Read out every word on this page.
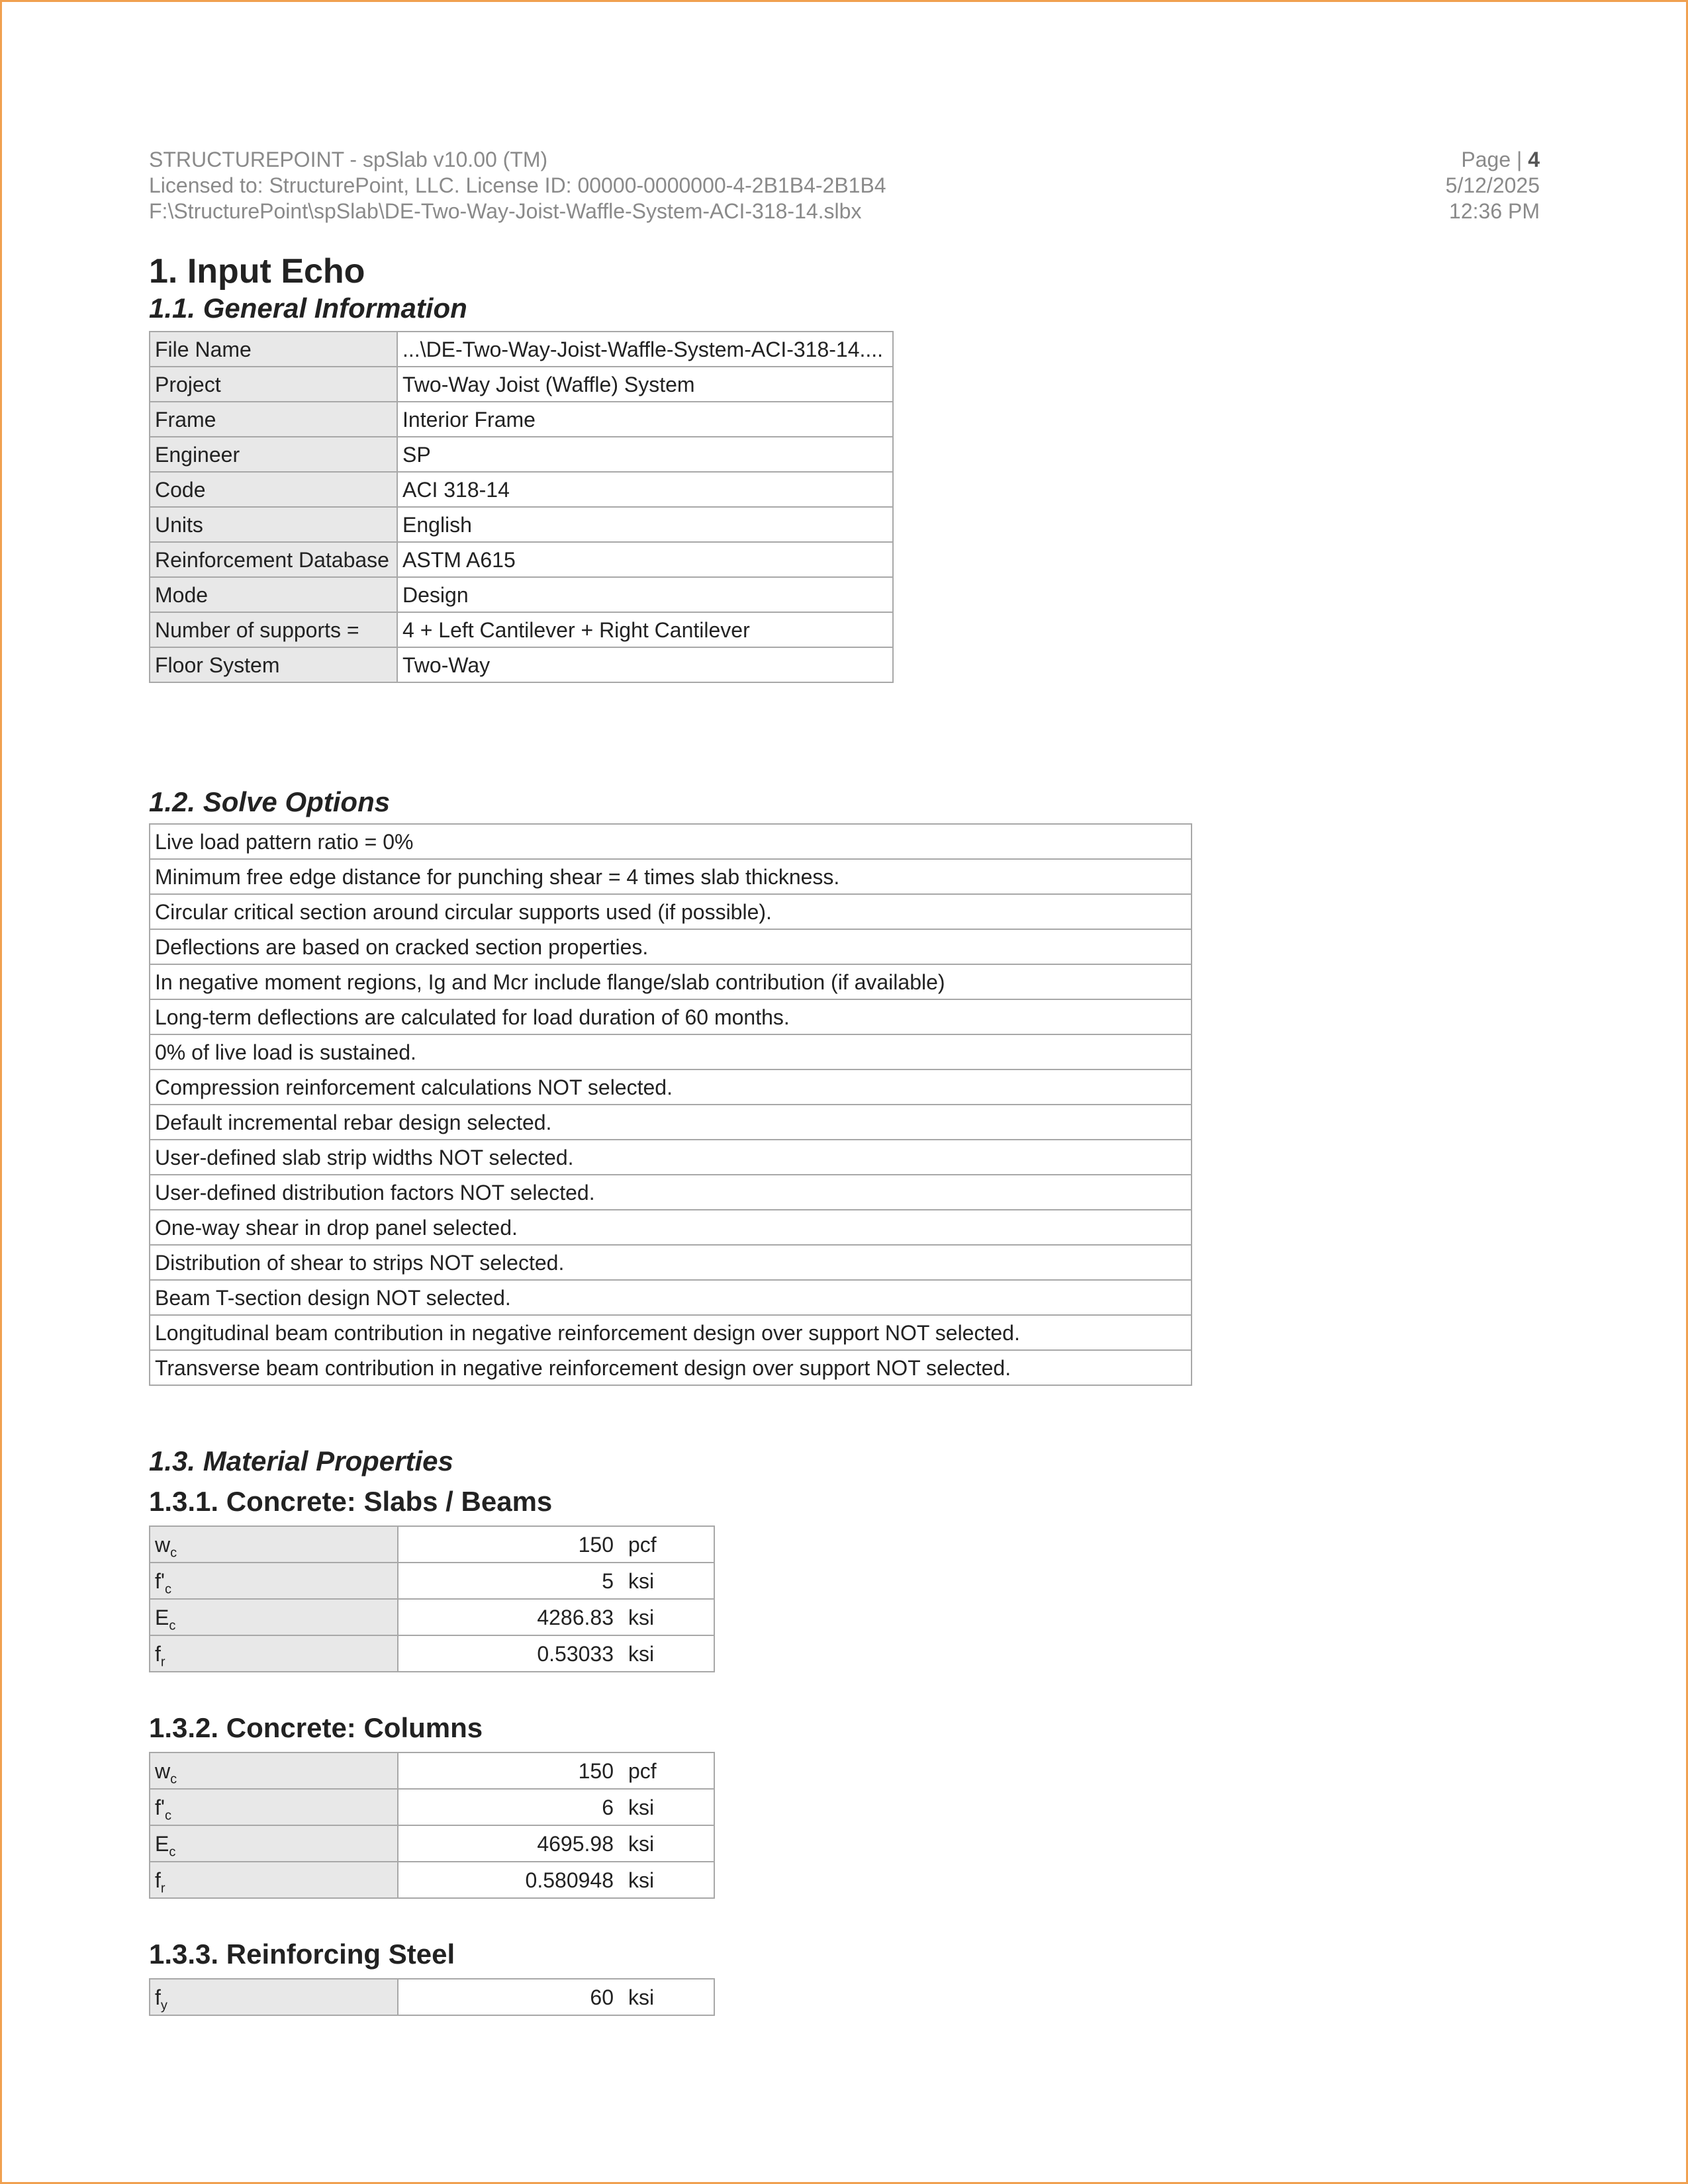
STRUCTUREPOINT - spSlab v10.00 (TM)
Licensed to: StructurePoint, LLC. License ID: 00000-0000000-4-2B1B4-2B1B4
F:\StructurePoint\spSlab\DE-Two-Way-Joist-Waffle-System-ACI-318-14.slbx
Page | 4
5/12/2025
12:36 PM
1. Input Echo
1.1. General Information
File Name	...\DE-Two-Way-Joist-Waffle-System-ACI-318-14....
Project	Two-Way Joist (Waffle) System
Frame	Interior Frame
Engineer	SP
Code	ACI 318-14
Units	English
Reinforcement Database	ASTM A615
Mode	Design
Number of supports =	4 + Left Cantilever + Right Cantilever
Floor System	Two-Way
1.2. Solve Options
Live load pattern ratio = 0%
Minimum free edge distance for punching shear = 4 times slab thickness.
Circular critical section around circular supports used (if possible).
Deflections are based on cracked section properties.
In negative moment regions, Ig and Mcr include flange/slab contribution (if available)
Long-term deflections are calculated for load duration of 60 months.
0% of live load is sustained.
Compression reinforcement calculations NOT selected.
Default incremental rebar design selected.
User-defined slab strip widths NOT selected.
User-defined distribution factors NOT selected.
One-way shear in drop panel selected.
Distribution of shear to strips NOT selected.
Beam T-section design NOT selected.
Longitudinal beam contribution in negative reinforcement design over support NOT selected.
Transverse beam contribution in negative reinforcement design over support NOT selected.
1.3. Material Properties
1.3.1. Concrete: Slabs / Beams
$w_c$	150	pcf
$f'_c$	5	ksi
$E_c$	4286.83	ksi
$f_r$	0.53033	ksi
1.3.2. Concrete: Columns
$w_c$	150	pcf
$f'_c$	6	ksi
$E_c$	4695.98	ksi
$f_r$	0.580948	ksi
1.3.3. Reinforcing Steel
$f_y$	60	ksi
